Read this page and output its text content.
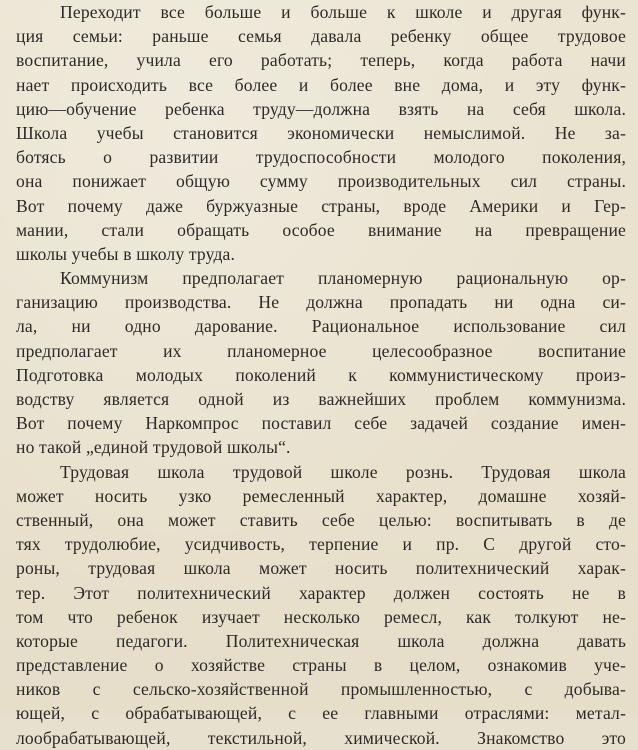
Переходит все больше и больше к школе и другая функ-
ция семьи: раньше семья давала ребенку общее трудовое
воспитание, учила его работать; теперь, когда работа начи
нает происходить все более и более вне дома, и эту функ-
цию—обучение ребенка труду—должна взять на себя школа.
Школа учебы становится экономически немыслимой. Не за-
ботясь о развитии трудоспособности молодого поколения,
она понижает общую сумму производительных сил страны.
Вот почему даже буржуазные страны, вроде Америки и Гер-
мании, стали обращать особое внимание на превращение
школы учебы в школу труда.
Коммунизм предполагает планомерную рациональную ор-
ганизацию производства. Не должна пропадать ни одна си-
ла, ни одно дарование. Рациональное использование сил
предполагает их планомерное целесообразное воспитание
Подготовка молодых поколений к коммунистическому произ-
водству является одной из важнейших проблем коммунизма.
Вот почему Наркомпрос поставил себе задачей создание имен-
но такой „единой трудовой школы“.
Трудовая школа трудовой школе рознь. Трудовая школа
может носить узко ремесленный характер, домашне хозяй-
ственный, она может ставить себе целью: воспитывать в де
тях трудолюбие, усидчивость, терпение и пр. С другой сто-
роны, трудовая школа может носить политехнический харак-
тер. Этот политехнический характер должен состоять не в
том что ребенок изучает несколько ремесл, как толкуют не-
которые педагоги. Политехническая школа должна давать
представление о хозяйстве страны в целом, ознакомив уче-
ников с сельско-хозяйственной промышленностью, с добыва-
ющей, с обрабатывающей, с ее главными отраслями: метал-
лообрабатывающей, текстильной, химической. Знакомство это
